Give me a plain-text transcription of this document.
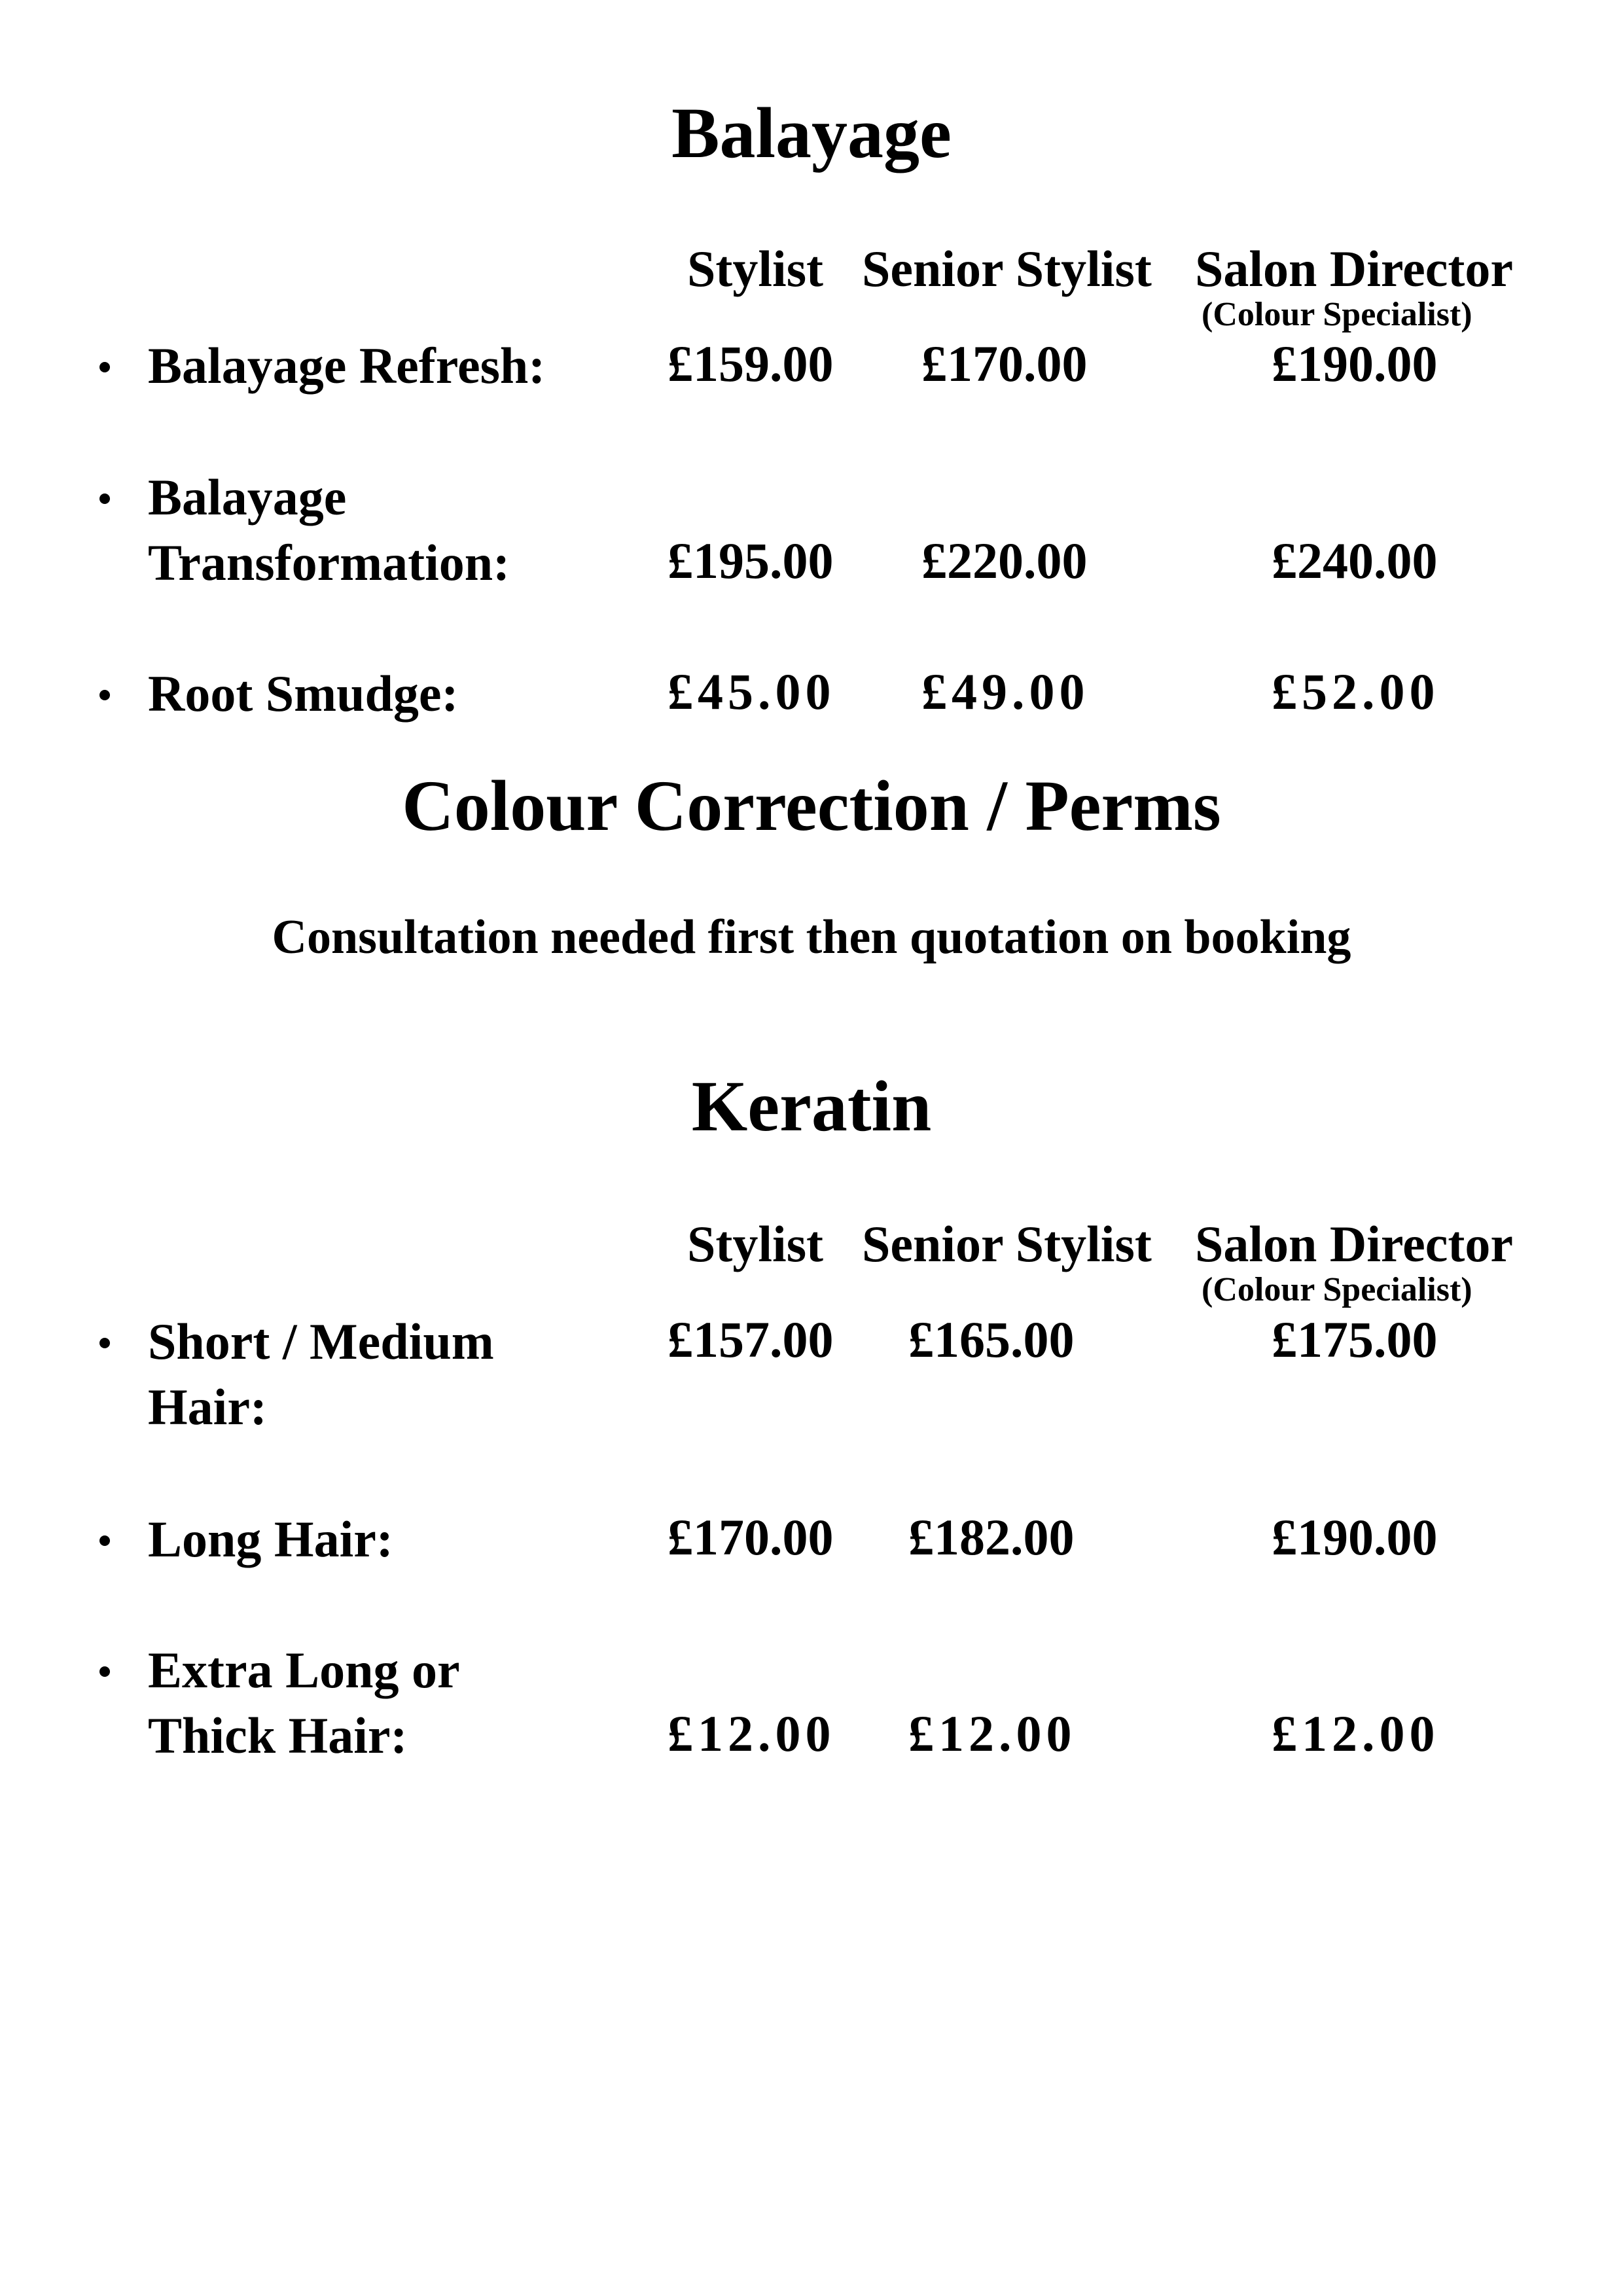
Balayage
Stylist Senior Stylist Salon Director
(Colour Specialist)
Balayage Refresh: £159.00 £170.00	£190.00
Balayage
Transformation:	£195.00 £220.00	£240.00
Root Smudge:	£45.00 £49.00	£52.00
Colour Correction / Perms
Consultation needed first then quotation on booking
Keratin
Stylist Senior Stylist Salon Director
(Colour Specialist)
Short / Medium
Hair:
£157.00 £165.00	£175.00
Long Hair:	£170.00 £182.00	£190.00
Extra Long or
Thick Hair:	£12.00 £12.00	£12.00
